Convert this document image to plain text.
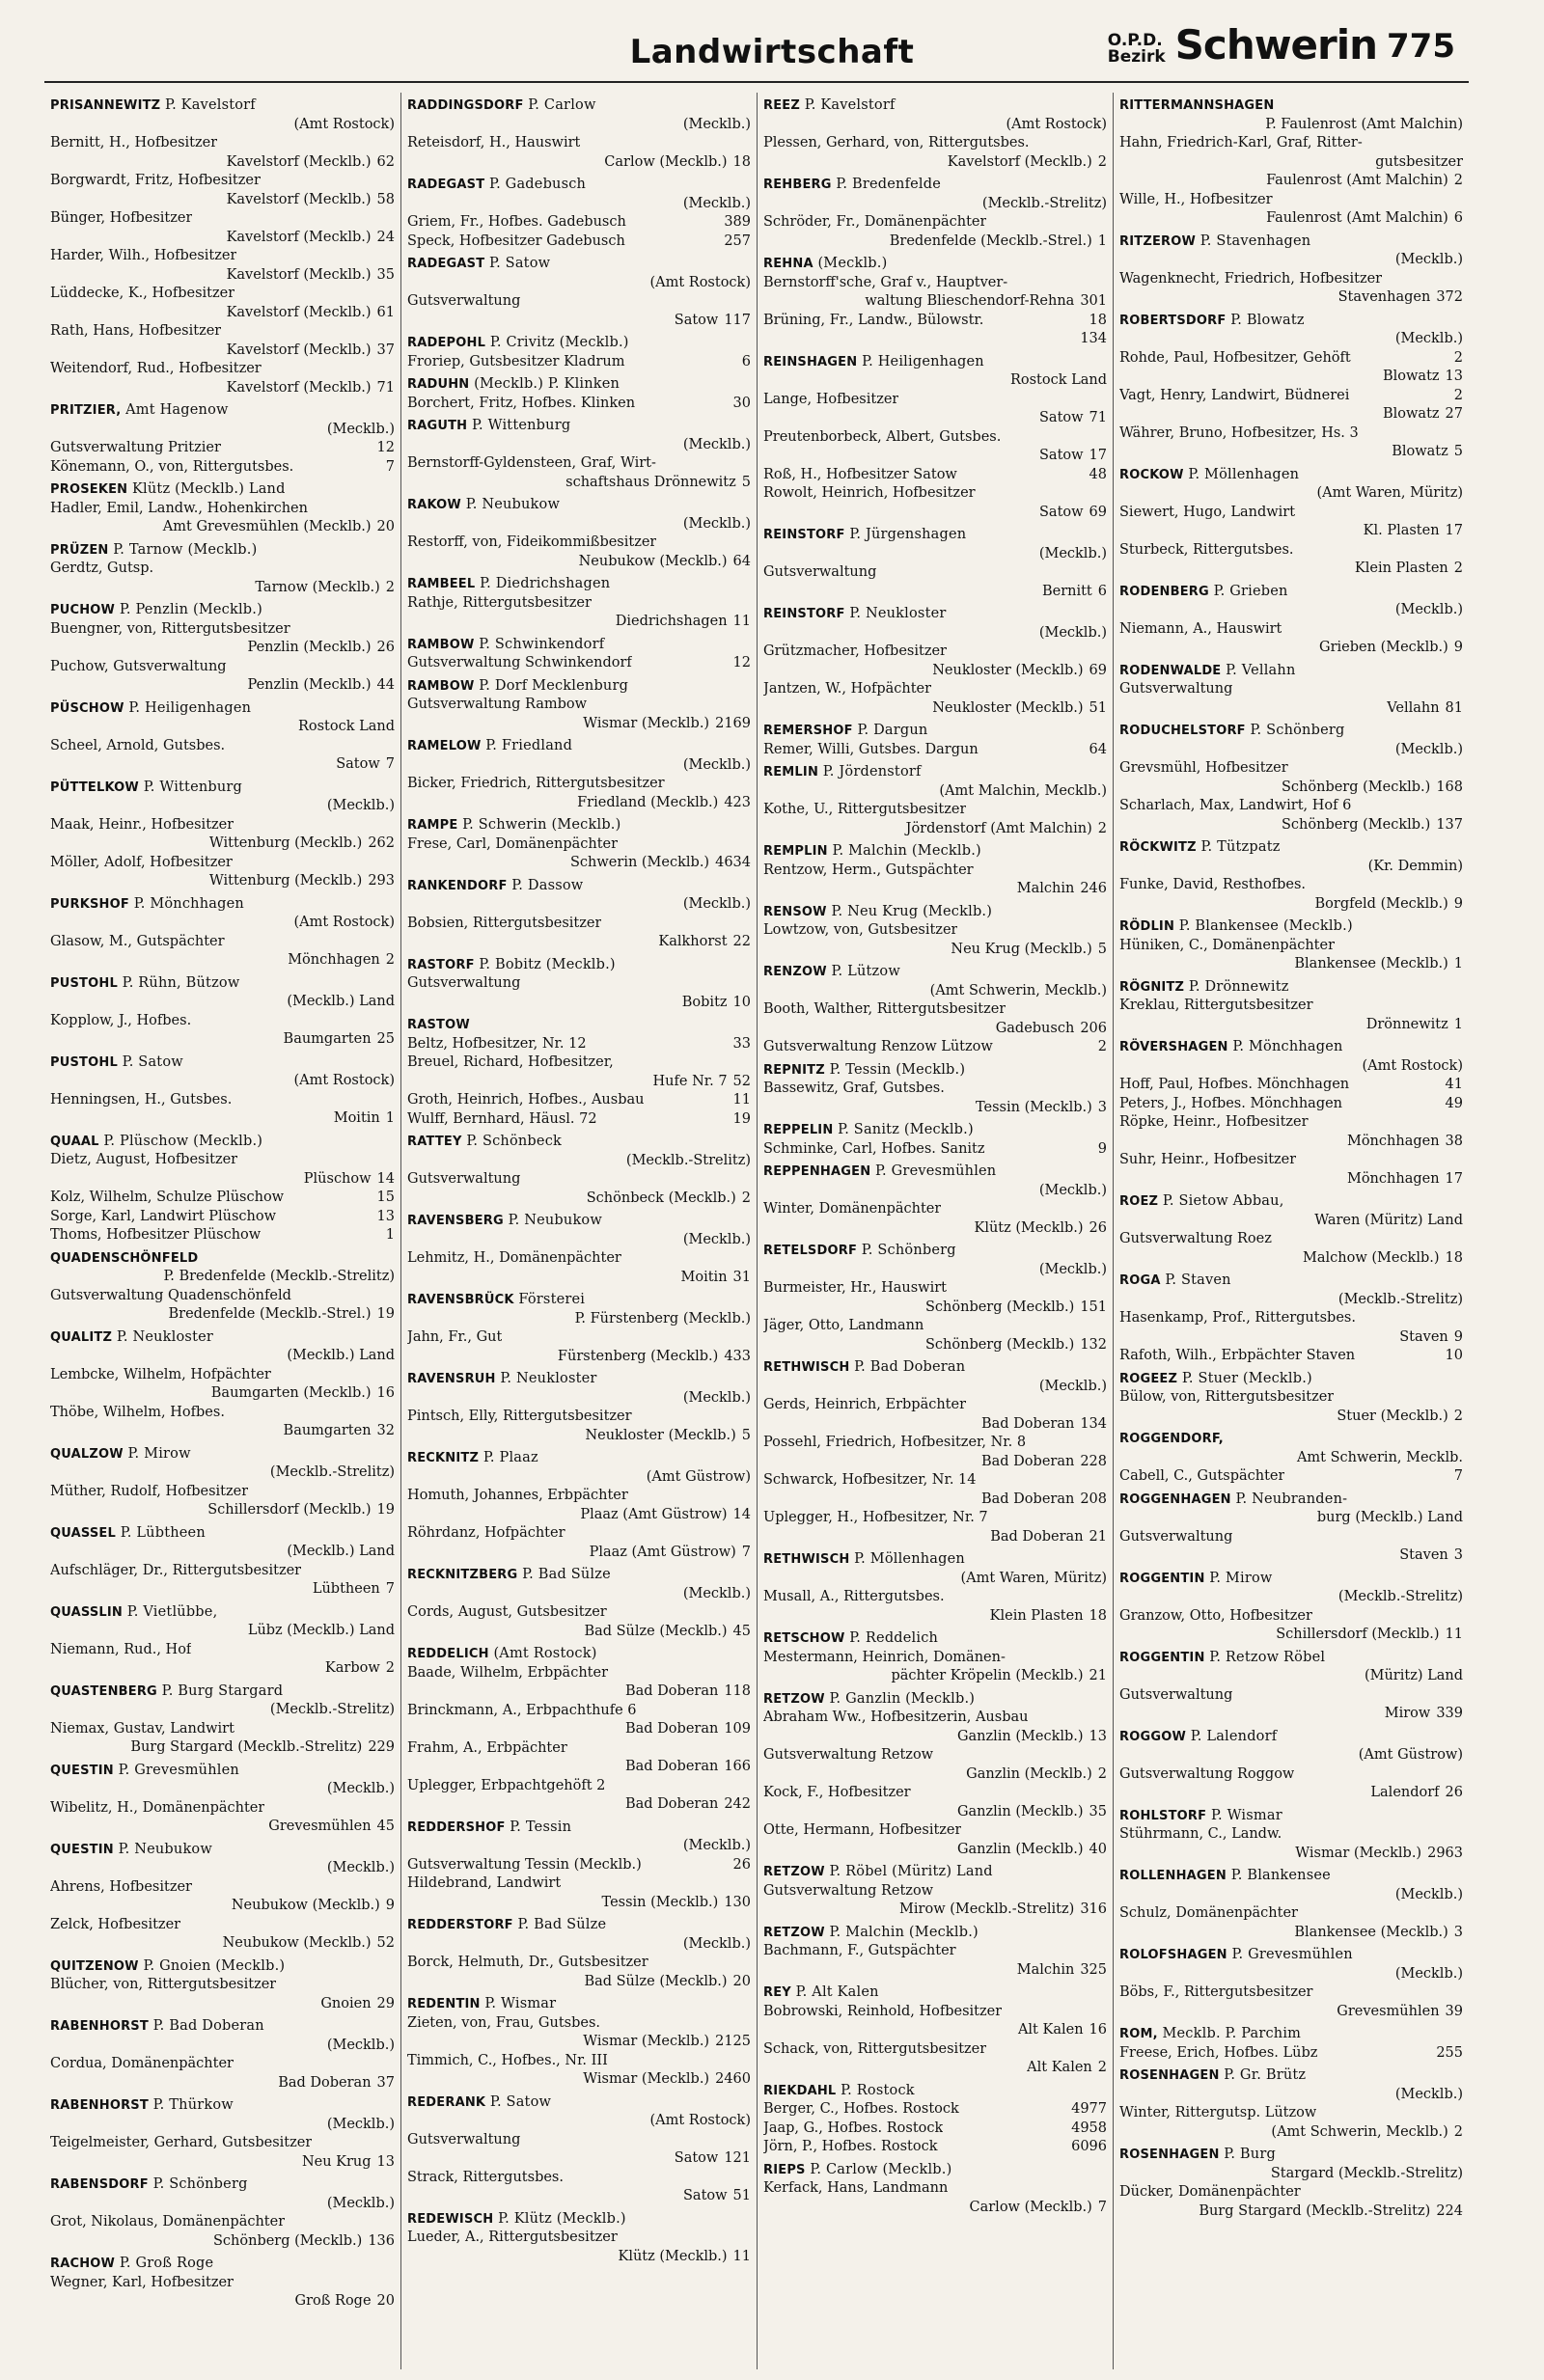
Landwirtschaft	O.P.D.
Bezirk Schwerin 775
PRISANNEWITZ P. Kavelstorf
(Amt Rostock)
Bernitt, H., Hofbesitzer
Kavelstorf (Mecklb.) 62
Borgwardt, Fritz, Hofbesitzer
Kavelstorf (Mecklb.) 58
Bünger, Hofbesitzer
Kavelstorf (Mecklb.) 24
Harder, Wilh., Hofbesitzer
Kavelstorf (Mecklb.) 35
Lüddecke, K., Hofbesitzer
Kavelstorf (Mecklb.) 61
Rath, Hans, Hofbesitzer
Kavelstorf (Mecklb.) 37
Weitendorf, Rud., Hofbesitzer
Kavelstorf (Mecklb.) 71
PRITZIER, Amt Hagenow
(Mecklb.)
Gutsverwaltung Pritzier	12
Könemann, O., von, Rittergutsbes.	7
PROSEKEN Klütz (Mecklb.) Land
Hadler, Emil, Landw., Hohenkirchen
Amt Grevesmühlen (Mecklb.) 20
PRÜZEN P. Tarnow (Mecklb.)
Gerdtz, Gutsp.
Tarnow (Mecklb.) 2
PUCHOW P. Penzlin (Mecklb.)
Buengner, von, Rittergutsbesitzer
Penzlin (Mecklb.) 26
Puchow, Gutsverwaltung
Penzlin (Mecklb.) 44
PÜSCHOW P. Heiligenhagen
Rostock Land
Scheel, Arnold, Gutsbes.
Satow 7
PÜTTELKOW P. Wittenburg
(Mecklb.)
Maak, Heinr., Hofbesitzer
Wittenburg (Mecklb.) 262
Möller, Adolf, Hofbesitzer
Wittenburg (Mecklb.) 293
PURKSHOF P. Mönchhagen
(Amt Rostock)
Glasow, M., Gutspächter
Mönchhagen 2
PUSTOHL P. Rühn, Bützow
(Mecklb.) Land
Kopplow, J., Hofbes.
Baumgarten 25
PUSTOHL P. Satow
(Amt Rostock)
Henningsen, H., Gutsbes.
Moitin 1
QUAAL P. Plüschow (Mecklb.)
Dietz, August, Hofbesitzer
Plüschow 14
Kolz, Wilhelm, Schulze Plüschow	15
Sorge, Karl, Landwirt Plüschow	13
Thoms, Hofbesitzer Plüschow	1
QUADENSCHÖNFELD
P. Bredenfelde (Mecklb.-Strelitz)
Gutsverwaltung Quadenschönfeld
Bredenfelde (Mecklb.-Strel.) 19
QUALITZ P. Neukloster
(Mecklb.) Land
Lembcke, Wilhelm, Hofpächter
Baumgarten (Mecklb.) 16
Thöbe, Wilhelm, Hofbes.
Baumgarten 32
QUALZOW P. Mirow
(Mecklb.-Strelitz)
Müther, Rudolf, Hofbesitzer
Schillersdorf (Mecklb.) 19
QUASSEL P. Lübtheen
(Mecklb.) Land
Aufschläger, Dr., Rittergutsbesitzer
Lübtheen 7
QUASSLIN P. Vietlübbe,
Lübz (Mecklb.) Land
Niemann, Rud., Hof
Karbow 2
QUASTENBERG P. Burg Stargard
(Mecklb.-Strelitz)
Niemax, Gustav, Landwirt
Burg Stargard (Mecklb.-Strelitz) 229
QUESTIN P. Grevesmühlen
(Mecklb.)
Wibelitz, H., Domänenpächter
Grevesmühlen 45
QUESTIN P. Neubukow
(Mecklb.)
Ahrens, Hofbesitzer
Neubukow (Mecklb.) 9
Zelck, Hofbesitzer
Neubukow (Mecklb.) 52
QUITZENOW P. Gnoien (Mecklb.)
Blücher, von, Rittergutsbesitzer
Gnoien 29
RABENHORST P. Bad Doberan
(Mecklb.)
Cordua, Domänenpächter
Bad Doberan 37
RABENHORST P. Thürkow
(Mecklb.)
Teigelmeister, Gerhard, Gutsbesitzer
Neu Krug 13
RABENSDORF P. Schönberg
(Mecklb.)
Grot, Nikolaus, Domänenpächter
Schönberg (Mecklb.) 136
RACHOW P. Groß Roge
Wegner, Karl, Hofbesitzer
Groß Roge 20
RADDINGSDORF P. Carlow
(Mecklb.)
Reteisdorf, H., Hauswirt
Carlow (Mecklb.) 18
RADEGAST P. Gadebusch
(Mecklb.)
Griem, Fr., Hofbes. Gadebusch	389
Speck, Hofbesitzer Gadebusch	257
RADEGAST P. Satow
(Amt Rostock)
Gutsverwaltung
Satow 117
RADEPOHL P. Crivitz (Mecklb.)
Froriep, Gutsbesitzer Kladrum	6
RADUHN (Mecklb.) P. Klinken
Borchert, Fritz, Hofbes. Klinken	30
RAGUTH P. Wittenburg
(Mecklb.)
Bernstorff-Gyldensteen, Graf, Wirt-
schaftshaus Drönnewitz 5
RAKOW P. Neubukow
(Mecklb.)
Restorff, von, Fideikommißbesitzer
Neubukow (Mecklb.) 64
RAMBEEL P. Diedrichshagen
Rathje, Rittergutsbesitzer
Diedrichshagen 11
RAMBOW P. Schwinkendorf
Gutsverwaltung Schwinkendorf	12
RAMBOW P. Dorf Mecklenburg
Gutsverwaltung Rambow
Wismar (Mecklb.) 2169
RAMELOW P. Friedland
(Mecklb.)
Bicker, Friedrich, Rittergutsbesitzer
Friedland (Mecklb.) 423
RAMPE P. Schwerin (Mecklb.)
Frese, Carl, Domänenpächter
Schwerin (Mecklb.) 4634
RANKENDORF P. Dassow
(Mecklb.)
Bobsien, Rittergutsbesitzer
Kalkhorst 22
RASTORF P. Bobitz (Mecklb.)
Gutsverwaltung
Bobitz 10
RASTOW
Beltz, Hofbesitzer, Nr. 12	33
Breuel, Richard, Hofbesitzer,
Hufe Nr. 7 52
Groth, Heinrich, Hofbes., Ausbau	11
Wulff, Bernhard, Häusl. 72	19
RATTEY P. Schönbeck
(Mecklb.-Strelitz)
Gutsverwaltung
Schönbeck (Mecklb.) 2
RAVENSBERG P. Neubukow
(Mecklb.)
Lehmitz, H., Domänenpächter
Moitin 31
RAVENSBRÜCK Försterei
P. Fürstenberg (Mecklb.)
Jahn, Fr., Gut
Fürstenberg (Mecklb.) 433
RAVENSRUH P. Neukloster
(Mecklb.)
Pintsch, Elly, Rittergutsbesitzer
Neukloster (Mecklb.) 5
RECKNITZ P. Plaaz
(Amt Güstrow)
Homuth, Johannes, Erbpächter
Plaaz (Amt Güstrow) 14
Röhrdanz, Hofpächter
Plaaz (Amt Güstrow) 7
RECKNITZBERG P. Bad Sülze
(Mecklb.)
Cords, August, Gutsbesitzer
Bad Sülze (Mecklb.) 45
REDDELICH (Amt Rostock)
Baade, Wilhelm, Erbpächter
Bad Doberan 118
Brinckmann, A., Erbpachthufe 6
Bad Doberan 109
Frahm, A., Erbpächter
Bad Doberan 166
Uplegger, Erbpachtgehöft 2
Bad Doberan 242
REDDERSHOF P. Tessin
(Mecklb.)
Gutsverwaltung Tessin (Mecklb.)	26
Hildebrand, Landwirt
Tessin (Mecklb.) 130
REDDERSTORF P. Bad Sülze
(Mecklb.)
Borck, Helmuth, Dr., Gutsbesitzer
Bad Sülze (Mecklb.) 20
REDENTIN P. Wismar
Zieten, von, Frau, Gutsbes.
Wismar (Mecklb.) 2125
Timmich, C., Hofbes., Nr. III
Wismar (Mecklb.) 2460
REDERANK P. Satow
(Amt Rostock)
Gutsverwaltung
Satow 121
Strack, Rittergutsbes.
Satow 51
REDEWISCH P. Klütz (Mecklb.)
Lueder, A., Rittergutsbesitzer
Klütz (Mecklb.) 11
REEZ P. Kavelstorf
(Amt Rostock)
Plessen, Gerhard, von, Rittergutsbes.
Kavelstorf (Mecklb.) 2
REHBERG P. Bredenfelde
(Mecklb.-Strelitz)
Schröder, Fr., Domänenpächter
Bredenfelde (Mecklb.-Strel.) 1
REHNA (Mecklb.)
Bernstorff'sche, Graf v., Hauptver-
waltung Blieschendorf-Rehna 301
Brüning, Fr., Landw., Bülowstr.	18
134
REINSHAGEN P. Heiligenhagen
Rostock Land
Lange, Hofbesitzer
Satow 71
Preutenborbeck, Albert, Gutsbes.
Satow 17
Roß, H., Hofbesitzer Satow	48
Rowolt, Heinrich, Hofbesitzer
Satow 69
REINSTORF P. Jürgenshagen
(Mecklb.)
Gutsverwaltung
Bernitt 6
REINSTORF P. Neukloster
(Mecklb.)
Grützmacher, Hofbesitzer
Neukloster (Mecklb.) 69
Jantzen, W., Hofpächter
Neukloster (Mecklb.) 51
REMERSHOF P. Dargun
Remer, Willi, Gutsbes. Dargun	64
REMLIN P. Jördenstorf
(Amt Malchin, Mecklb.)
Kothe, U., Rittergutsbesitzer
Jördenstorf (Amt Malchin) 2
REMPLIN P. Malchin (Mecklb.)
Rentzow, Herm., Gutspächter
Malchin 246
RENSOW P. Neu Krug (Mecklb.)
Lowtzow, von, Gutsbesitzer
Neu Krug (Mecklb.) 5
RENZOW P. Lützow
(Amt Schwerin, Mecklb.)
Booth, Walther, Rittergutsbesitzer
Gadebusch 206
Gutsverwaltung Renzow Lützow	2
REPNITZ P. Tessin (Mecklb.)
Bassewitz, Graf, Gutsbes.
Tessin (Mecklb.) 3
REPPELIN P. Sanitz (Mecklb.)
Schminke, Carl, Hofbes. Sanitz	9
REPPENHAGEN P. Grevesmühlen
(Mecklb.)
Winter, Domänenpächter
Klütz (Mecklb.) 26
RETELSDORF P. Schönberg
(Mecklb.)
Burmeister, Hr., Hauswirt
Schönberg (Mecklb.) 151
Jäger, Otto, Landmann
Schönberg (Mecklb.) 132
RETHWISCH P. Bad Doberan
(Mecklb.)
Gerds, Heinrich, Erbpächter
Bad Doberan 134
Possehl, Friedrich, Hofbesitzer, Nr. 8
Bad Doberan 228
Schwarck, Hofbesitzer, Nr. 14
Bad Doberan 208
Uplegger, H., Hofbesitzer, Nr. 7
Bad Doberan 21
RETHWISCH P. Möllenhagen
(Amt Waren, Müritz)
Musall, A., Rittergutsbes.
Klein Plasten 18
RETSCHOW P. Reddelich
Mestermann, Heinrich, Domänen-
pächter Kröpelin (Mecklb.) 21
RETZOW P. Ganzlin (Mecklb.)
Abraham Ww., Hofbesitzerin, Ausbau
Ganzlin (Mecklb.) 13
Gutsverwaltung Retzow
Ganzlin (Mecklb.) 2
Kock, F., Hofbesitzer
Ganzlin (Mecklb.) 35
Otte, Hermann, Hofbesitzer
Ganzlin (Mecklb.) 40
RETZOW P. Röbel (Müritz) Land
Gutsverwaltung Retzow
Mirow (Mecklb.-Strelitz) 316
RETZOW P. Malchin (Mecklb.)
Bachmann, F., Gutspächter
Malchin 325
REY P. Alt Kalen
Bobrowski, Reinhold, Hofbesitzer
Alt Kalen 16
Schack, von, Rittergutsbesitzer
Alt Kalen 2
RIEKDAHL P. Rostock
Berger, C., Hofbes. Rostock	4977
Jaap, G., Hofbes. Rostock	4958
Jörn, P., Hofbes. Rostock	6096
RIEPS P. Carlow (Mecklb.)
Kerfack, Hans, Landmann
Carlow (Mecklb.) 7
RITTERMANNSHAGEN
P. Faulenrost (Amt Malchin)
Hahn, Friedrich-Karl, Graf, Ritter-
gutsbesitzer
Faulenrost (Amt Malchin) 2
Wille, H., Hofbesitzer
Faulenrost (Amt Malchin) 6
RITZEROW P. Stavenhagen
(Mecklb.)
Wagenknecht, Friedrich, Hofbesitzer
Stavenhagen 372
ROBERTSDORF P. Blowatz
(Mecklb.)
Rohde, Paul, Hofbesitzer, Gehöft	2
Blowatz 13
Vagt, Henry, Landwirt, Büdnerei	2
Blowatz 27
Währer, Bruno, Hofbesitzer, Hs. 3
Blowatz 5
ROCKOW P. Möllenhagen
(Amt Waren, Müritz)
Siewert, Hugo, Landwirt
Kl. Plasten 17
Sturbeck, Rittergutsbes.
Klein Plasten 2
RODENBERG P. Grieben
(Mecklb.)
Niemann, A., Hauswirt
Grieben (Mecklb.) 9
RODENWALDE P. Vellahn
Gutsverwaltung
Vellahn 81
RODUCHELSTORF P. Schönberg
(Mecklb.)
Grevsmühl, Hofbesitzer
Schönberg (Mecklb.) 168
Scharlach, Max, Landwirt, Hof 6
Schönberg (Mecklb.) 137
RÖCKWITZ P. Tützpatz
(Kr. Demmin)
Funke, David, Resthofbes.
Borgfeld (Mecklb.) 9
RÖDLIN P. Blankensee (Mecklb.)
Hüniken, C., Domänenpächter
Blankensee (Mecklb.) 1
RÖGNITZ P. Drönnewitz
Kreklau, Rittergutsbesitzer
Drönnewitz 1
RÖVERSHAGEN P. Mönchhagen
(Amt Rostock)
Hoff, Paul, Hofbes. Mönchhagen	41
Peters, J., Hofbes. Mönchhagen	49
Röpke, Heinr., Hofbesitzer
Mönchhagen 38
Suhr, Heinr., Hofbesitzer
Mönchhagen 17
ROEZ P. Sietow Abbau,
Waren (Müritz) Land
Gutsverwaltung Roez
Malchow (Mecklb.) 18
ROGA P. Staven
(Mecklb.-Strelitz)
Hasenkamp, Prof., Rittergutsbes.
Staven 9
Rafoth, Wilh., Erbpächter Staven	10
ROGEEZ P. Stuer (Mecklb.)
Bülow, von, Rittergutsbesitzer
Stuer (Mecklb.) 2
ROGGENDORF,
Amt Schwerin, Mecklb.
Cabell, C., Gutspächter	7
ROGGENHAGEN P. Neubranden-
burg (Mecklb.) Land
Gutsverwaltung
Staven 3
ROGGENTIN P. Mirow
(Mecklb.-Strelitz)
Granzow, Otto, Hofbesitzer
Schillersdorf (Mecklb.) 11
ROGGENTIN P. Retzow Röbel
(Müritz) Land
Gutsverwaltung
Mirow 339
ROGGOW P. Lalendorf
(Amt Güstrow)
Gutsverwaltung Roggow
Lalendorf 26
ROHLSTORF P. Wismar
Stührmann, C., Landw.
Wismar (Mecklb.) 2963
ROLLENHAGEN P. Blankensee
(Mecklb.)
Schulz, Domänenpächter
Blankensee (Mecklb.) 3
ROLOFSHAGEN P. Grevesmühlen
(Mecklb.)
Böbs, F., Rittergutsbesitzer
Grevesmühlen 39
ROM, Mecklb. P. Parchim
Freese, Erich, Hofbes. Lübz	255
ROSENHAGEN P. Gr. Brütz
(Mecklb.)
Winter, Rittergutsp. Lützow
(Amt Schwerin, Mecklb.) 2
ROSENHAGEN P. Burg
Stargard (Mecklb.-Strelitz)
Dücker, Domänenpächter
Burg Stargard (Mecklb.-Strelitz) 224
